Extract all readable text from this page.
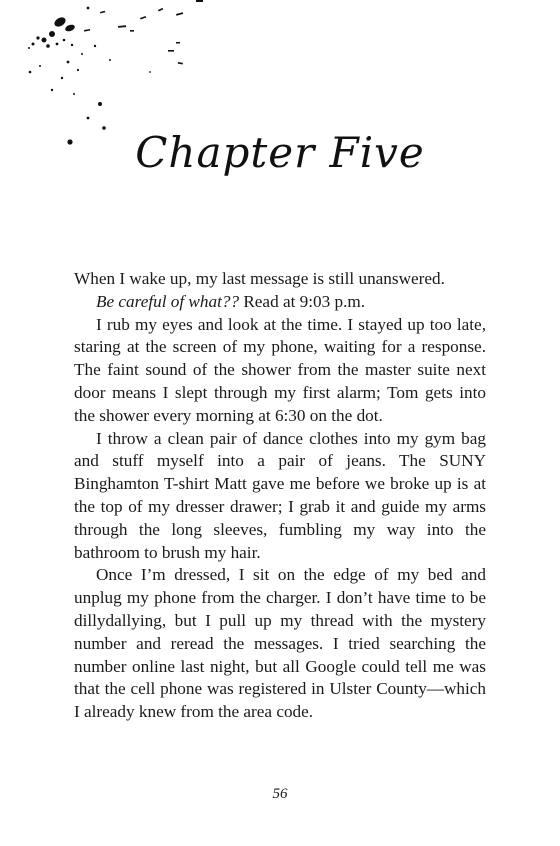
Chapter Five

When I wake up, my last message is still unanswered.

Be careful of what?? Read at 9:03 p.m.

I rub my eyes and look at the time. I stayed up too late, staring at the screen of my phone, waiting for a response. The faint sound of the shower from the master suite next door means I slept through my first alarm; Tom gets into the shower every morning at 6:30 on the dot.

I throw a clean pair of dance clothes into my gym bag and stuff myself into a pair of jeans. The SUNY Binghamton T-shirt Matt gave me before we broke up is at the top of my dresser drawer; I grab it and guide my arms through the long sleeves, fumbling my way into the bathroom to brush my hair.

Once I’m dressed, I sit on the edge of my bed and unplug my phone from the charger. I don’t have time to be dillydallying, but I pull up my thread with the mystery number and reread the messages. I tried searching the number online last night, but all Google could tell me was that the cell phone was registered in Ulster County—which I already knew from the area code.

56
